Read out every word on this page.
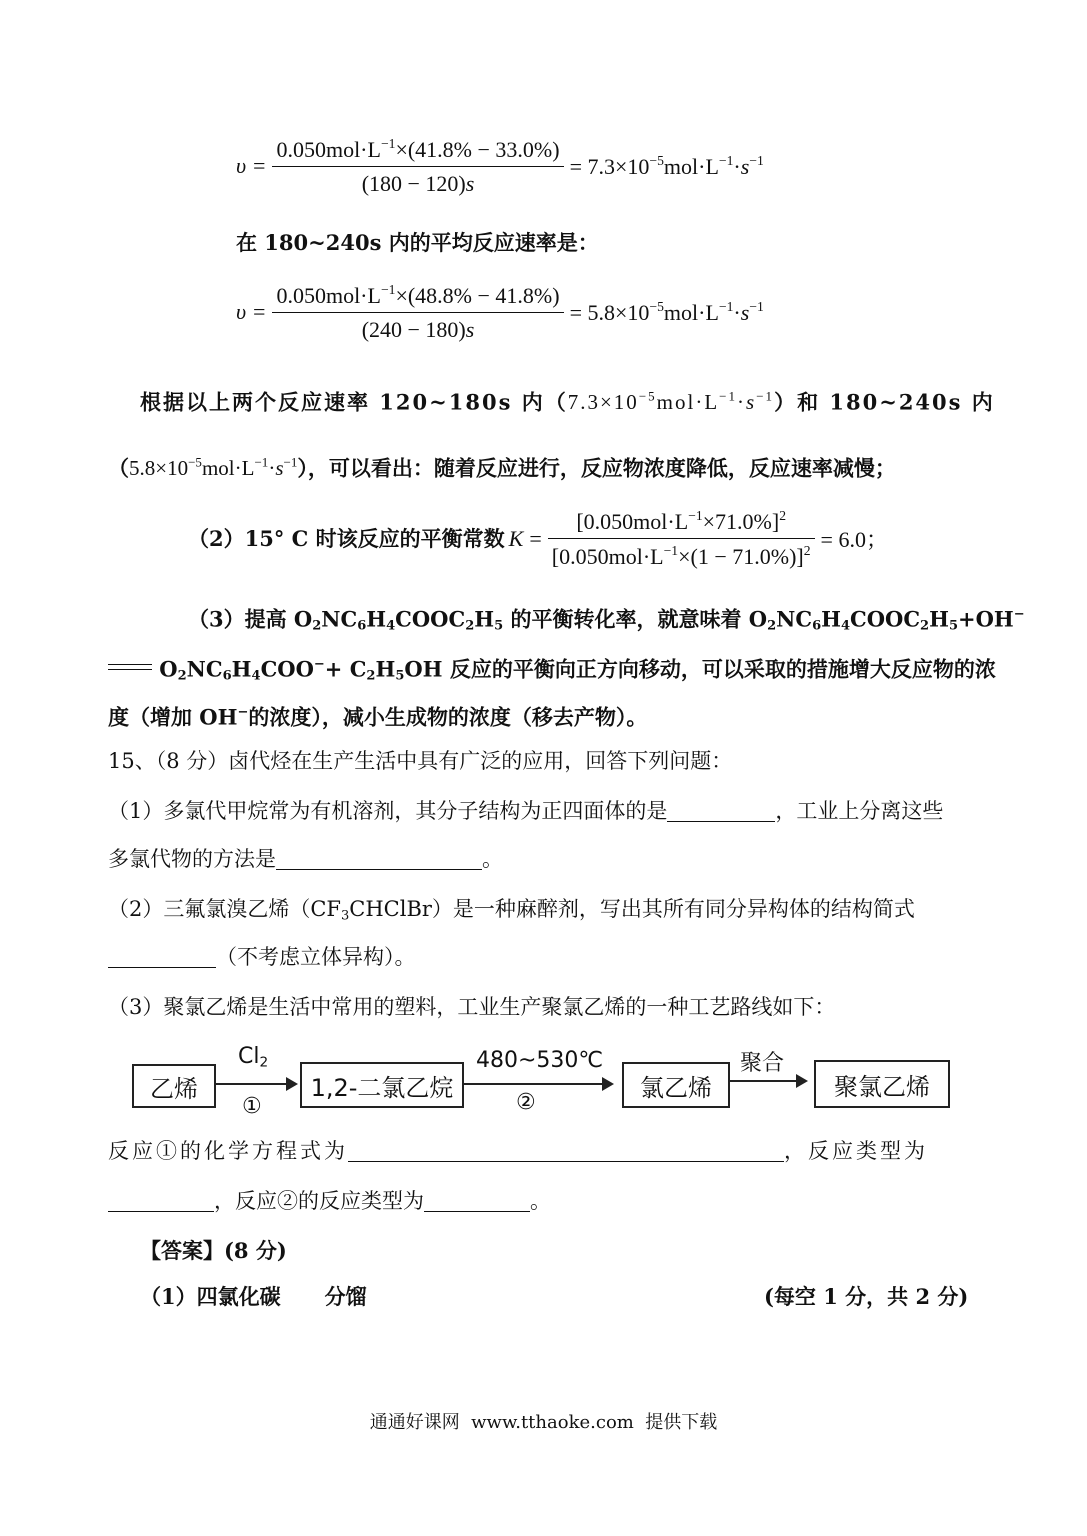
$\upsilon = \frac{0.050mol\cdot L^{-1}\times(41.8\% - 33.0\%)}{(180 - 120)s} = 7.3\times 10^{-5}mol\cdot L^{-1}\cdot s^{-1}$
在 180~240s 内的平均反应速率是：
$\upsilon = \frac{0.050mol\cdot L^{-1}\times(48.8\% - 41.8\%)}{(240 - 180)s} = 5.8\times 10^{-5}mol\cdot L^{-1}\cdot s^{-1}$
根据以上两个反应速率 120~180s 内$(7.3\times 10^{-5}mol\cdot L^{-1}\cdot s^{-1})$和 180~240s 内
$(5.8\times 10^{-5}mol\cdot L^{-1}\cdot s^{-1})$，可以看出：随着反应进行，反应物浓度降低，反应速率减慢；
（2）15° C 时该反应的平衡常数 $K = \frac{[0.050mol\cdot L^{-1}\times 71.0\%]^2}{[0.050mol\cdot L^{-1}\times(1 - 71.0\%)]^2} = 6.0$；
（3）提高 $O_2NC_6H_4COOC_2H_5$ 的平衡转化率，就意味着 $O_2NC_6H_4COOC_2H_5+OH^-$
$O_2NC_6H_4COO^-+ C_2H_5OH$ 反应的平衡向正方向移动，可以采取的措施增大反应物的浓
度（增加 OH−的浓度），减小生成物的浓度（移去产物）。
15、（8 分）卤代烃在生产生活中具有广泛的应用，回答下列问题：
（1）多氯代甲烷常为有机溶剂，其分子结构为正四面体的是	，工业上分离这些
多氯代物的方法是	。
（2）三氟氯溴乙烯$(CF_3CHClBr)$是一种麻醉剂，写出其所有同分异构体的结构简式
（不考虑立体异构）。
（3）聚氯乙烯是生活中常用的塑料，工业生产聚氯乙烯的一种工艺路线如下：
乙烯
$Cl_2$
①
1,2-二氯乙烷
480~530℃
②
氯乙烯
聚合
聚氯乙烯
反应①的化学方程式为	，反应类型为
，反应②的反应类型为	。
【答案】(8 分)
（1）四氯化碳 分馏	(每空 1 分，共 2 分)
通通好课网  www.tthaoke.com  提供下载
